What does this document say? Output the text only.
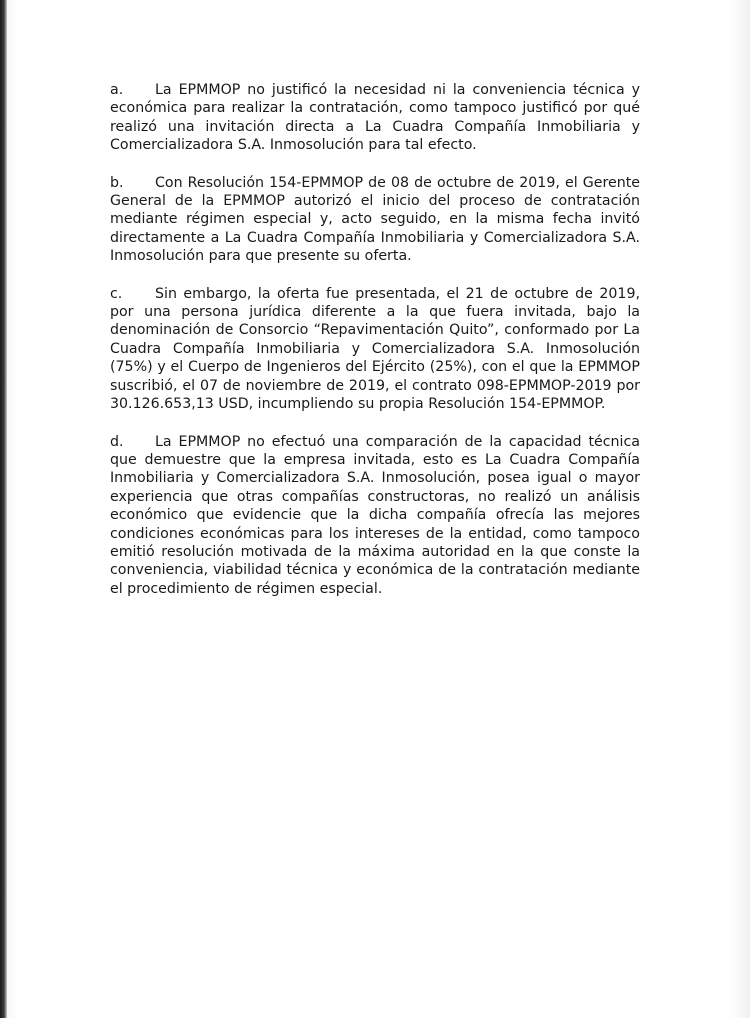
a. La EPMMOP no justificó la necesidad ni la conveniencia técnica y económica para realizar la contratación, como tampoco justificó por qué realizó una invitación directa a La Cuadra Compañía Inmobiliaria y Comercializadora S.A. Inmosolución para tal efecto.

b. Con Resolución 154-EPMMOP de 08 de octubre de 2019, el Gerente General de la EPMMOP autorizó el inicio del proceso de contratación mediante régimen especial y, acto seguido, en la misma fecha invitó directamente a La Cuadra Compañía Inmobiliaria y Comercializadora S.A. Inmosolución para que presente su oferta.

c. Sin embargo, la oferta fue presentada, el 21 de octubre de 2019, por una persona jurídica diferente a la que fuera invitada, bajo la denominación de Consorcio “Repavimentación Quito”, conformado por La Cuadra Compañía Inmobiliaria y Comercializadora S.A. Inmosolución (75%) y el Cuerpo de Ingenieros del Ejército (25%), con el que la EPMMOP suscribió, el 07 de noviembre de 2019, el contrato 098-EPMMOP-2019 por 30.126.653,13 USD, incumpliendo su propia Resolución 154-EPMMOP.

d. La EPMMOP no efectuó una comparación de la capacidad técnica que demuestre que la empresa invitada, esto es La Cuadra Compañía Inmobiliaria y Comercializadora S.A. Inmosolución, posea igual o mayor experiencia que otras compañías constructoras, no realizó un análisis económico que evidencie que la dicha compañía ofrecía las mejores condiciones económicas para los intereses de la entidad, como tampoco emitió resolución motivada de la máxima autoridad en la que conste la conveniencia, viabilidad técnica y económica de la contratación mediante el procedimiento de régimen especial.
